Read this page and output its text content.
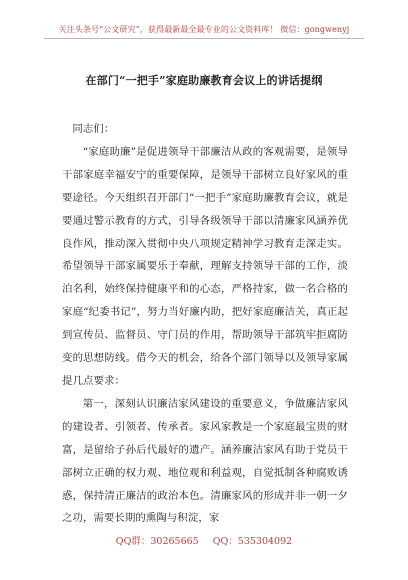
关注头条号“公文研究”，获得最新最全最专业的公文资料库！ 微信：gongwenyj
在部门“一把手”家庭助廉教育会议上的讲话提纲

同志们：

“家庭助廉”是促进领导干部廉洁从政的客观需要，是领导干部家庭幸福安宁的重要保障，是领导干部树立良好家风的重要途径。今天组织召开部门“一把手”家庭助廉教育会议，就是要通过警示教育的方式，引导各级领导干部以清廉家风涵养优良作风，推动深入贯彻中央八项规定精神学习教育走深走实。希望领导干部家属要乐于奉献，理解支持领导干部的工作，淡泊名利，始终保持健康平和的心态，严格持家，做一名合格的家庭“纪委书记”，努力当好廉内助，把好家庭廉洁关，真正起到宣传员、监督员、守门员的作用，帮助领导干部筑牢拒腐防变的思想防线。借今天的机会，给各个部门领导以及领导家属提几点要求：

第一，深刻认识廉洁家风建设的重要意义，争做廉洁家风的建设者、引领者、传承者。家风家教是一个家庭最宝贵的财富，是留给子孙后代最好的遗产。涵养廉洁家风有助于党员干部树立正确的权力观、地位观和利益观，自觉抵制各种腐败诱惑，保持清正廉洁的政治本色。清廉家风的形成并非一朝一夕之功，需要长期的熏陶与积淀，家

QQ群：30265665 QQ：535304092
